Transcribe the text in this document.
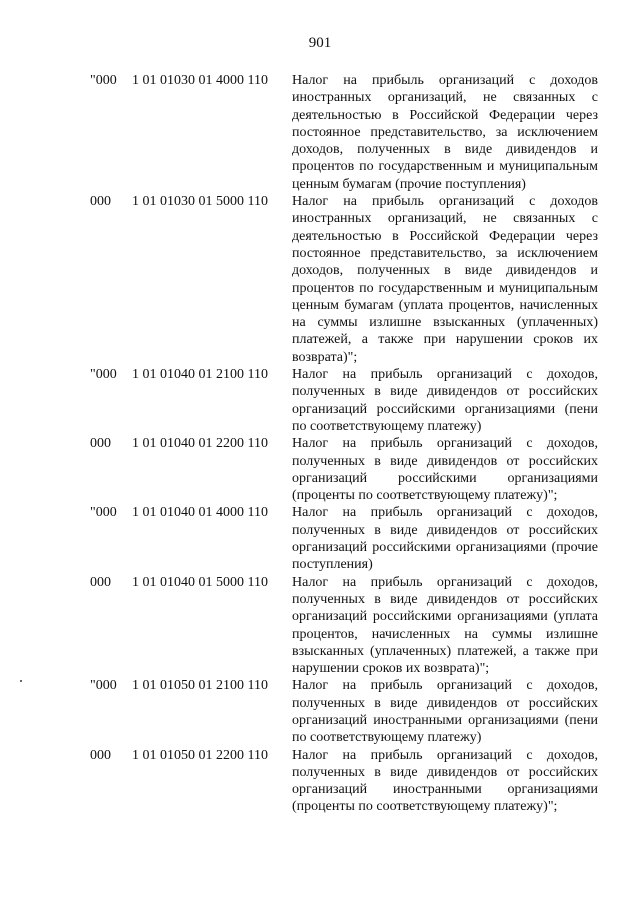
901
"000	1 01 01030 01 4000 110	Налог на прибыль организаций с доходов иностранных организаций, не связанных с деятельностью в Российской Федерации через постоянное представительство, за исключением доходов, полученных в виде дивидендов и процентов по государственным и муниципальным ценным бумагам (прочие поступления)
000	1 01 01030 01 5000 110	Налог на прибыль организаций с доходов иностранных организаций, не связанных с деятельностью в Российской Федерации через постоянное представительство, за исключением доходов, полученных в виде дивидендов и процентов по государственным и муниципальным ценным бумагам (уплата процентов, начисленных на суммы излишне взысканных (уплаченных) платежей, а также при нарушении сроков их возврата)";
"000	1 01 01040 01 2100 110	Налог на прибыль организаций с доходов, полученных в виде дивидендов от российских организаций российскими организациями (пени по соответствующему платежу)
000	1 01 01040 01 2200 110	Налог на прибыль организаций с доходов, полученных в виде дивидендов от российских организаций российскими организациями (проценты по соответствующему платежу)";
"000	1 01 01040 01 4000 110	Налог на прибыль организаций с доходов, полученных в виде дивидендов от российских организаций российскими организациями (прочие поступления)
000	1 01 01040 01 5000 110	Налог на прибыль организаций с доходов, полученных в виде дивидендов от российских организаций российскими организациями (уплата процентов, начисленных на суммы излишне взысканных (уплаченных) платежей, а также при нарушении сроков их возврата)";
"000	1 01 01050 01 2100 110	Налог на прибыль организаций с доходов, полученных в виде дивидендов от российских организаций иностранными организациями (пени по соответствующему платежу)
000	1 01 01050 01 2200 110	Налог на прибыль организаций с доходов, полученных в виде дивидендов от российских организаций иностранными организациями (проценты по соответствующему платежу)";
